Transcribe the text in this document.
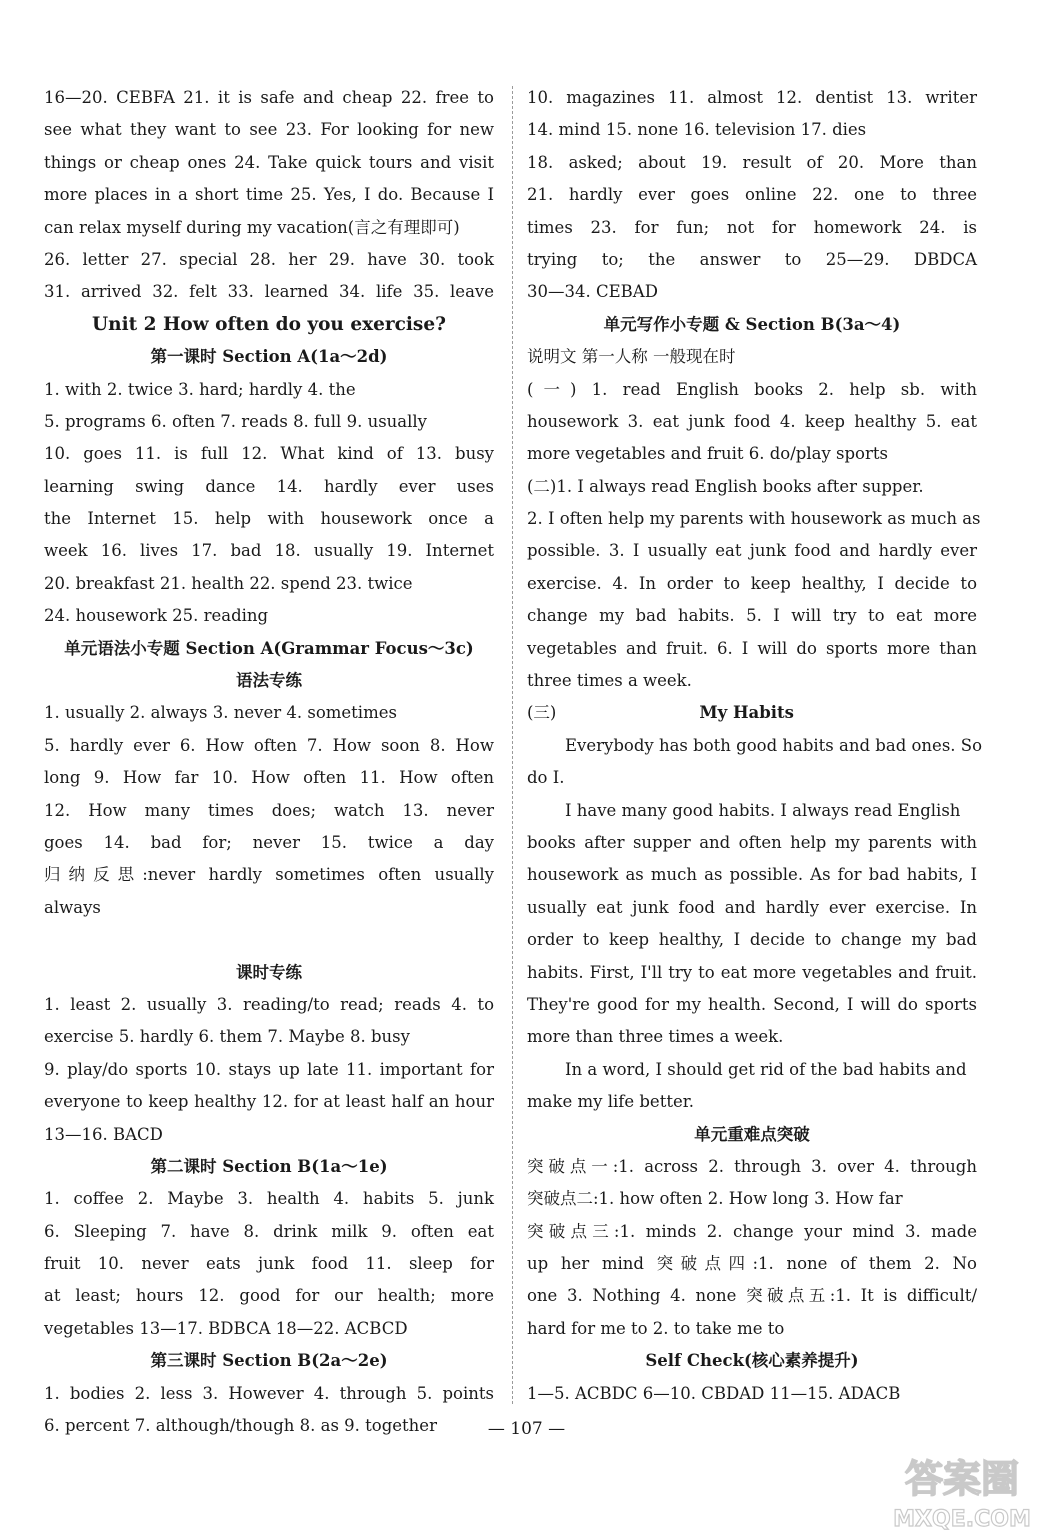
16—20. CEBFA 21. it is safe and cheap 22. free to
see what they want to see 23. For looking for new
things or cheap ones 24. Take quick tours and visit
more places in a short time 25. Yes, I do. Because I
can relax myself during my vacation(言之有理即可)
26. letter 27. special 28. her 29. have 30. took
31. arrived 32. felt 33. learned 34. life 35. leave
Unit 2 How often do you exercise?
第一课时 Section A(1a～2d)
1. with 2. twice 3. hard; hardly 4. the
5. programs 6. often 7. reads 8. full 9. usually
10. goes 11. is full 12. What kind of 13. busy
learning swing dance 14. hardly ever uses
the Internet 15. help with housework once a
week 16. lives 17. bad 18. usually 19. Internet
20. breakfast 21. health 22. spend 23. twice
24. housework 25. reading
单元语法小专题 Section A(Grammar Focus～3c)
语法专练
1. usually 2. always 3. never 4. sometimes
5. hardly ever 6. How often 7. How soon 8. How
long 9. How far 10. How often 11. How often
12. How many times does; watch 13. never
goes 14. bad for; never 15. twice a day
归纳反思:never hardly sometimes often usually
always
课时专练
1. least 2. usually 3. reading/to read; reads 4. to
exercise 5. hardly 6. them 7. Maybe 8. busy
9. play/do sports 10. stays up late 11. important for
everyone to keep healthy 12. for at least half an hour
13—16. BACD
第二课时 Section B(1a～1e)
1. coffee 2. Maybe 3. health 4. habits 5. junk
6. Sleeping 7. have 8. drink milk 9. often eat
fruit 10. never eats junk food 11. sleep for
at least; hours 12. good for our health; more
vegetables 13—17. BDBCA 18—22. ACBCD
第三课时 Section B(2a～2e)
1. bodies 2. less 3. However 4. through 5. points
6. percent 7. although/though 8. as 9. together
10. magazines 11. almost 12. dentist 13. writer
14. mind 15. none 16. television 17. dies
18. asked; about 19. result of 20. More than
21. hardly ever goes online 22. one to three
times 23. for fun; not for homework 24. is
trying to; the answer to 25—29. DBDCA
30—34. CEBAD
单元写作小专题 & Section B(3a～4)
说明文 第一人称 一般现在时
(一) 1. read English books 2. help sb. with
housework 3. eat junk food 4. keep healthy 5. eat
more vegetables and fruit 6. do/play sports
(二)1. I always read English books after supper.
2. I often help my parents with housework as much as
possible. 3. I usually eat junk food and hardly ever
exercise. 4. In order to keep healthy, I decide to
change my bad habits. 5. I will try to eat more
vegetables and fruit. 6. I will do sports more than
three times a week.
(三)	My Habits
Everybody has both good habits and bad ones. So
do I.
I have many good habits. I always read English
books after supper and often help my parents with
housework as much as possible. As for bad habits, I
usually eat junk food and hardly ever exercise. In
order to keep healthy, I decide to change my bad
habits. First, I'll try to eat more vegetables and fruit.
They're good for my health. Second, I will do sports
more than three times a week.
In a word, I should get rid of the bad habits and
make my life better.
单元重难点突破
突破点一:1. across 2. through 3. over 4. through
突破点二:1. how often 2. How long 3. How far
突破点三:1. minds 2. change your mind 3. made
up her mind 突破点四:1. none of them 2. No
one 3. Nothing 4. none 突破点五:1. It is difficult/
hard for me to 2. to take me to
Self Check(核心素养提升)
1—5. ACBDC 6—10. CBDAD 11—15. ADACB
— 107 —
答案圈
MXQE.COM
